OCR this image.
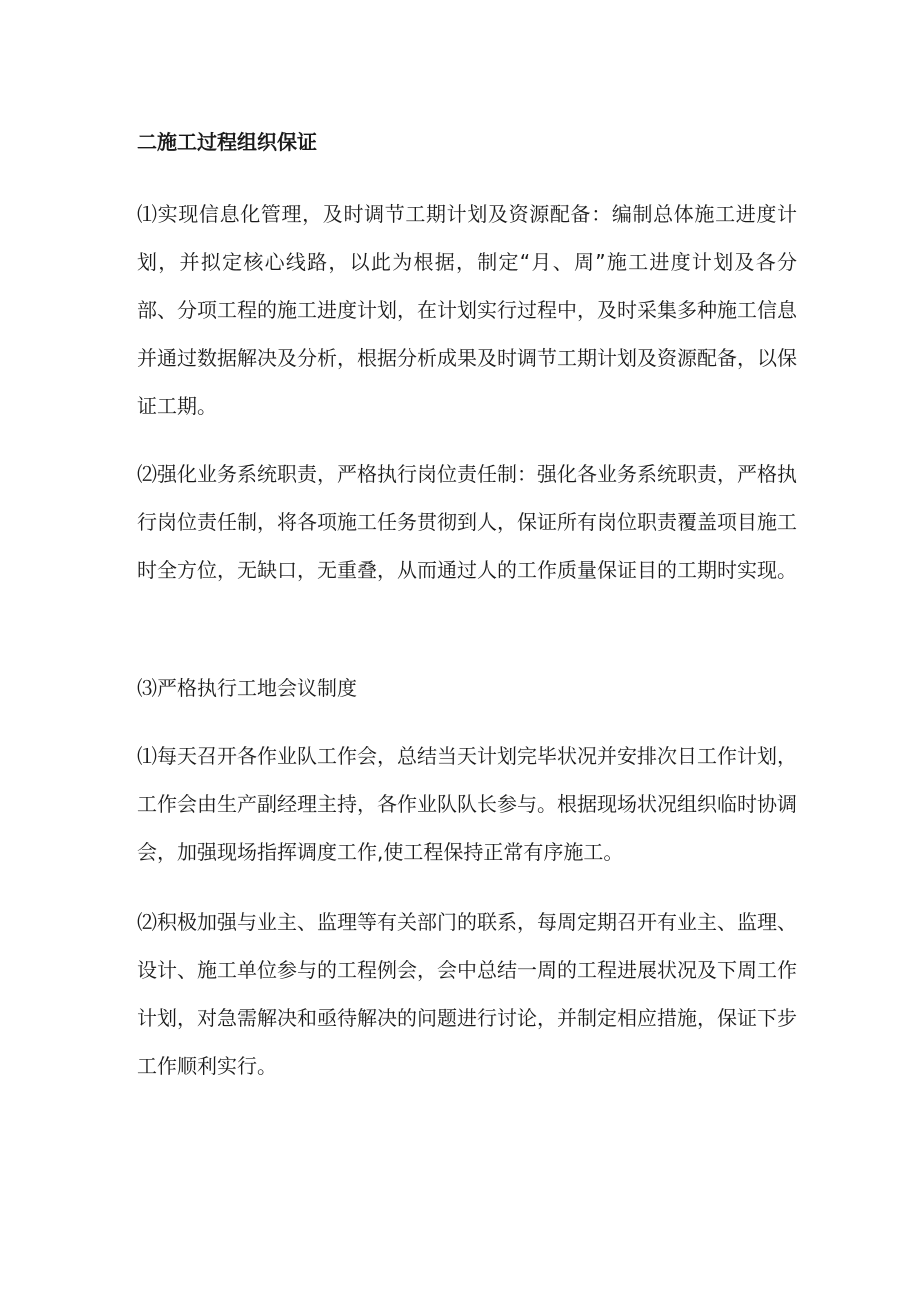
二施工过程组织保证

⑴实现信息化管理，及时调节工期计划及资源配备：编制总体施工进度计划，并拟定核心线路，以此为根据，制定“月、周”施工进度计划及各分部、分项工程的施工进度计划，在计划实行过程中，及时采集多种施工信息并通过数据解决及分析，根据分析成果及时调节工期计划及资源配备，以保证工期。

⑵强化业务系统职责，严格执行岗位责任制：强化各业务系统职责，严格执行岗位责任制，将各项施工任务贯彻到人，保证所有岗位职责覆盖项目施工时全方位，无缺口，无重叠，从而通过人的工作质量保证目的工期时实现。

⑶严格执行工地会议制度

⑴每天召开各作业队工作会，总结当天计划完毕状况并安排次日工作计划，工作会由生产副经理主持，各作业队队长参与。根据现场状况组织临时协调会，加强现场指挥调度工作,使工程保持正常有序施工。

⑵积极加强与业主、监理等有关部门的联系，每周定期召开有业主、监理、设计、施工单位参与的工程例会，会中总结一周的工程进展状况及下周工作计划，对急需解决和亟待解决的问题进行讨论，并制定相应措施，保证下步工作顺利实行。
